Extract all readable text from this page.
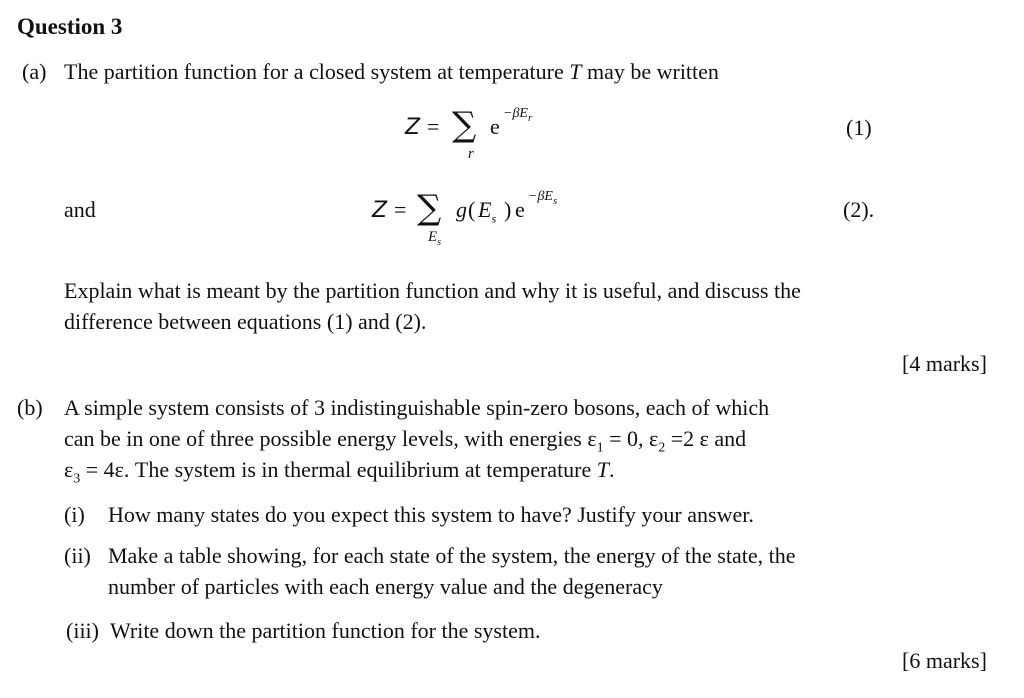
Question 3
(a) The partition function for a closed system at temperature T may be written
Z = ∑
r
e
$-\beta E_r$	(1)
and	Z = ∑
$E_s$
g ( $E_s$ ) e
$-\beta E_s$	(2).
Explain what is meant by the partition function and why it is useful, and discuss the
difference between equations (1) and (2).
[4 marks]
(b) A simple system consists of 3 indistinguishable spin-zero bosons, each of which
can be in one of three possible energy levels, with energies $\varepsilon_1 = 0$, $\varepsilon_2 =2$ ε and
$\varepsilon_3 = 4\varepsilon$. The system is in thermal equilibrium at temperature T.
(i) How many states do you expect this system to have? Justify your answer.
(ii) Make a table showing, for each state of the system, the energy of the state, the
number of particles with each energy value and the degeneracy
(iii) Write down the partition function for the system.
[6 marks]
